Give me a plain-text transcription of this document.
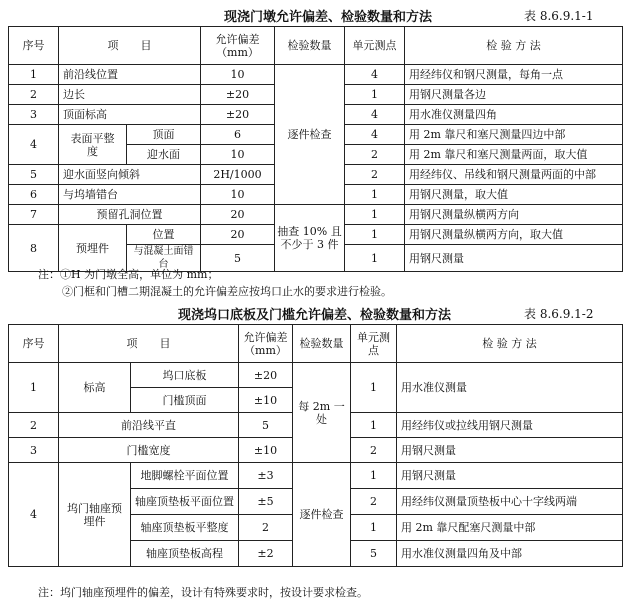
现浇门墩允许偏差、检验数量和方法	表 8.6.9.1-1
序号	项　　目		允许偏差（mm）	检验数量	单元测点	检 验 方 法
1	前沿线位置		10	逐件检查	4	用经纬仪和钢尺测量，每角一点
2	边长		±20		1	用钢尺测量各边
3	顶面标高		±20		4	用水准仪测量四角
4	表面平整度	顶面	6		4	用 2m 靠尺和塞尺测量四边中部
		迎水面	10		2	用 2m 靠尺和塞尺测量两面，取大值
5	迎水面竖向倾斜		2H/1000		2	用经纬仪、吊线和钢尺测量两面的中部
6	与坞墙错台		10		1	用钢尺测量，取大值
7	预留孔洞位置		20	抽查 10% 且不少于 3 件	1	用钢尺测量纵横两方向
8	预埋件	位置	20		1	用钢尺测量纵横两方向，取大值
		与混凝土面错台	5		1	用钢尺测量
注：①H 为门墩全高，单位为 mm；
②门框和门槽二期混凝土的允许偏差应按坞口止水的要求进行检验。
现浇坞口底板及门槛允许偏差、检验数量和方法	表 8.6.9.1-2
序号	项　　目		允许偏差（mm）	检验数量	单元测点	检 验 方 法
1	标高	坞口底板	±20	每 2m 一处	1	用水准仪测量
		门槛顶面	±10			
2	前沿线平直		5		1	用经纬仪或拉线用钢尺测量
3	门槛宽度		±10		2	用钢尺测量
4	坞门轴座预埋件	地脚螺栓平面位置	±3	逐件检查	1	用钢尺测量
		轴座顶垫板平面位置	±5		2	用经纬仪测量顶垫板中心十字线两端
		轴座顶垫板平整度	2		1	用 2m 靠尺配塞尺测量中部
		轴座顶垫板高程	±2		5	用水准仪测量四角及中部
注：坞门轴座预埋件的偏差，设计有特殊要求时，按设计要求检查。
